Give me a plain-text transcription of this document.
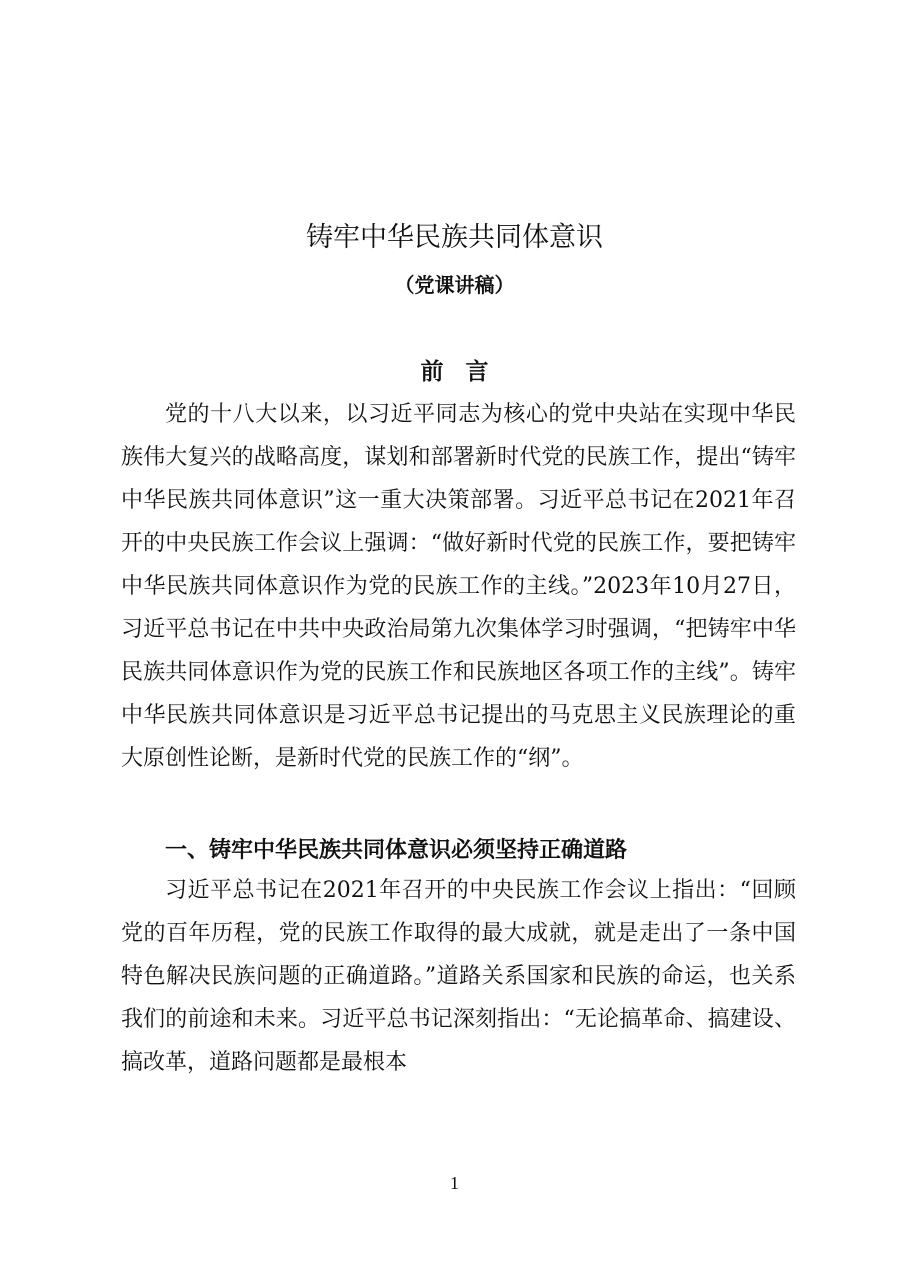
铸牢中华民族共同体意识
（党课讲稿）
前言

党的十八大以来，以习近平同志为核心的党中央站在实现中华民族伟大复兴的战略高度，谋划和部署新时代党的民族工作，提出“铸牢中华民族共同体意识”这一重大决策部署。习近平总书记在2021年召开的中央民族工作会议上强调：“做好新时代党的民族工作，要把铸牢中华民族共同体意识作为党的民族工作的主线。”2023年10月27日，习近平总书记在中共中央政治局第九次集体学习时强调，“把铸牢中华民族共同体意识作为党的民族工作和民族地区各项工作的主线”。铸牢中华民族共同体意识是习近平总书记提出的马克思主义民族理论的重大原创性论断，是新时代党的民族工作的“纲”。

一、铸牢中华民族共同体意识必须坚持正确道路

习近平总书记在2021年召开的中央民族工作会议上指出：“回顾党的百年历程，党的民族工作取得的最大成就，就是走出了一条中国特色解决民族问题的正确道路。”道路关系国家和民族的命运，也关系我们的前途和未来。习近平总书记深刻指出：“无论搞革命、搞建设、搞改革，道路问题都是最根本

1
